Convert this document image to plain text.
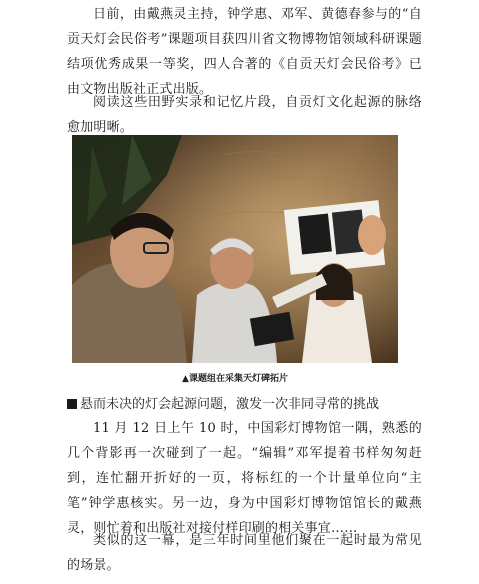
日前，由戴燕灵主持，钟学惠、邓军、黄德春参与的“自贡天灯会民俗考”课题项目获四川省文物博物馆领域科研课题结项优秀成果一等奖，四人合著的《自贡天灯会民俗考》已由文物出版社正式出版。

阅读这些田野实录和记忆片段，自贡灯文化起源的脉络愈加明晰。

▲课题组在采集天灯碑拓片
悬而未决的灯会起源问题，激发一次非同寻常的挑战

11 月 12 日上午 10 时，中国彩灯博物馆一隅，熟悉的几个背影再一次碰到了一起。“编辑”邓军提着书样匆匆赶到，连忙翻开折好的一页，将标红的一个计量单位向“主笔”钟学惠核实。另一边，身为中国彩灯博物馆馆长的戴燕灵，则忙着和出版社对接付样印刷的相关事宜……

类似的这一幕，是三年时间里他们聚在一起时最为常见的场景。
